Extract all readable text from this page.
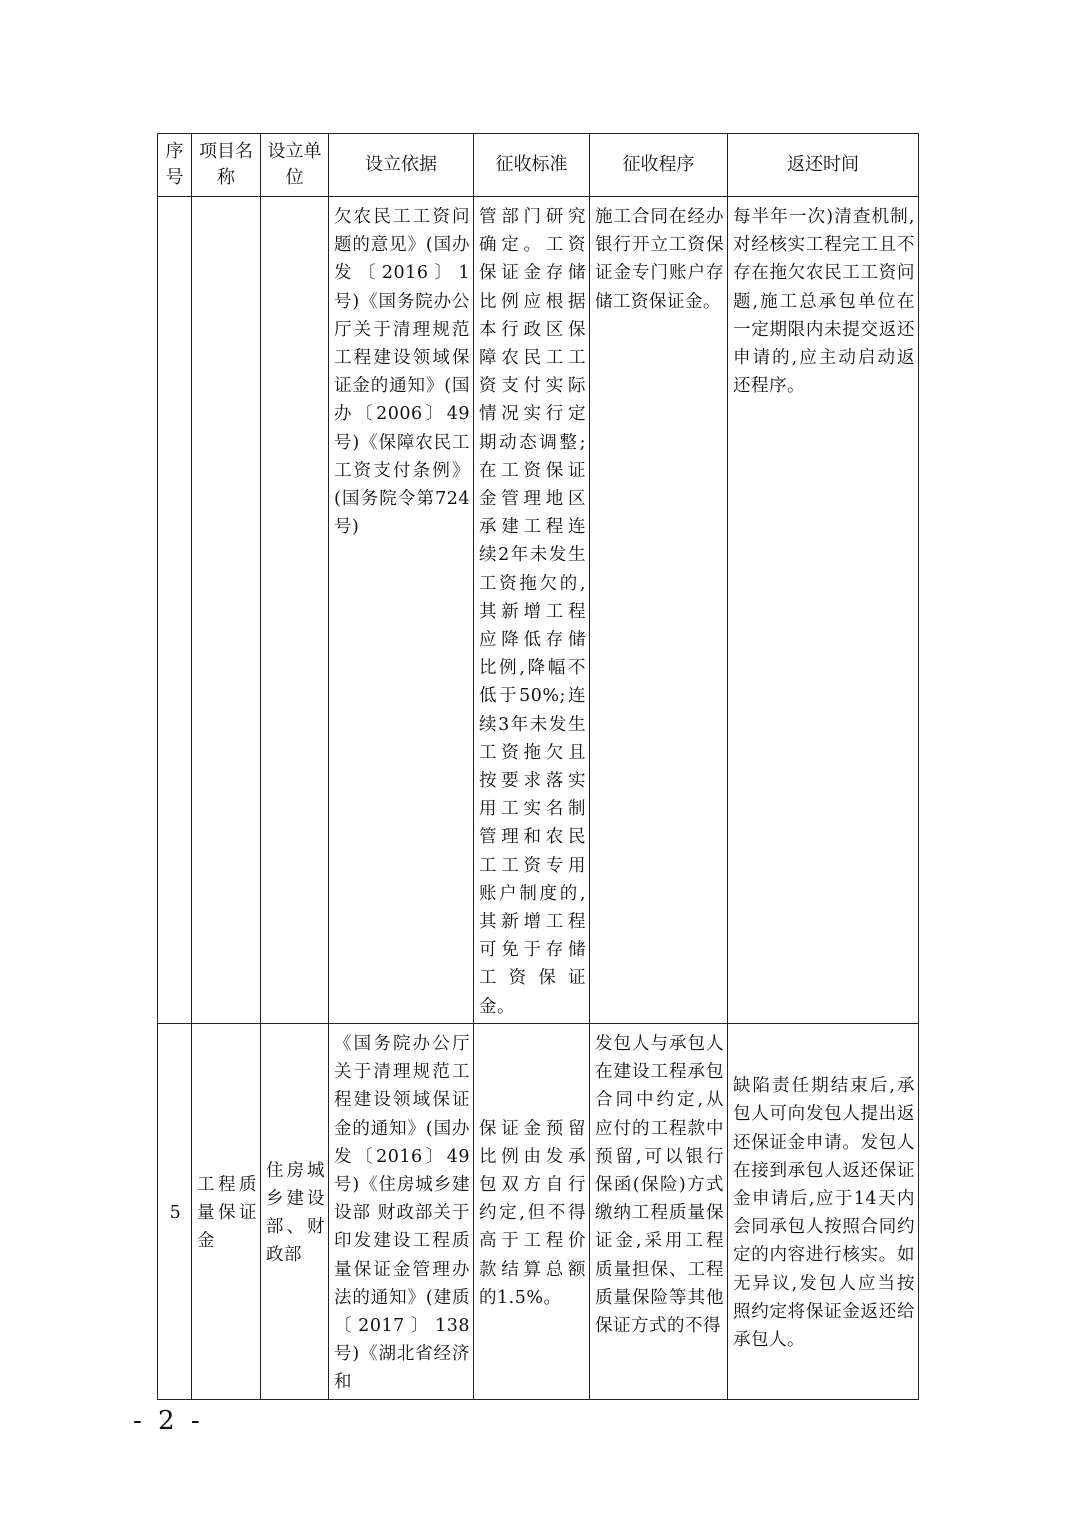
序号	项目名称	设立单位	设立依据	征收标准	征收程序	返还时间

			欠农民工工资问题的意见》(国办发〔2016〕1号)《国务院办公厅关于清理规范工程建设领域保证金的通知》(国办〔2006〕49号)《保障农民工工资支付条例》(国务院令第724号)	管部门研究确定。工资保证金存储比例应根据本行政区保障农民工工资支付实际情况实行定期动态调整;在工资保证金管理地区承建工程连续2年未发生工资拖欠的,其新增工程应降低存储比例,降幅不低于50%;连续3年未发生工资拖欠且按要求落实用工实名制管理和农民工工资专用账户制度的,其新增工程可免于存储工资保证金。	施工合同在经办银行开立工资保证金专门账户存储工资保证金。	每半年一次)清查机制,对经核实工程完工且不存在拖欠农民工工资问题,施工总承包单位在一定期限内未提交返还申请的,应主动启动返还程序。

5	工程质量保证金	住房城乡建设部、财政部	《国务院办公厅关于清理规范工程建设领域保证金的通知》(国办发〔2016〕49号)《住房城乡建设部 财政部关于印发建设工程质量保证金管理办法的通知》(建质〔2017〕138号)《湖北省经济和	保证金预留比例由发承包双方自行约定,但不得高于工程价款结算总额的1.5%。	发包人与承包人在建设工程承包合同中约定,从应付的工程款中预留,可以银行保函(保险)方式缴纳工程质量保证金,采用工程质量担保、工程质量保险等其他保证方式的不得	缺陷责任期结束后,承包人可向发包人提出返还保证金申请。发包人在接到承包人返还保证金申请后,应于14天内会同承包人按照合同约定的内容进行核实。如无异议,发包人应当按照约定将保证金返还给承包人。
- 2 -
